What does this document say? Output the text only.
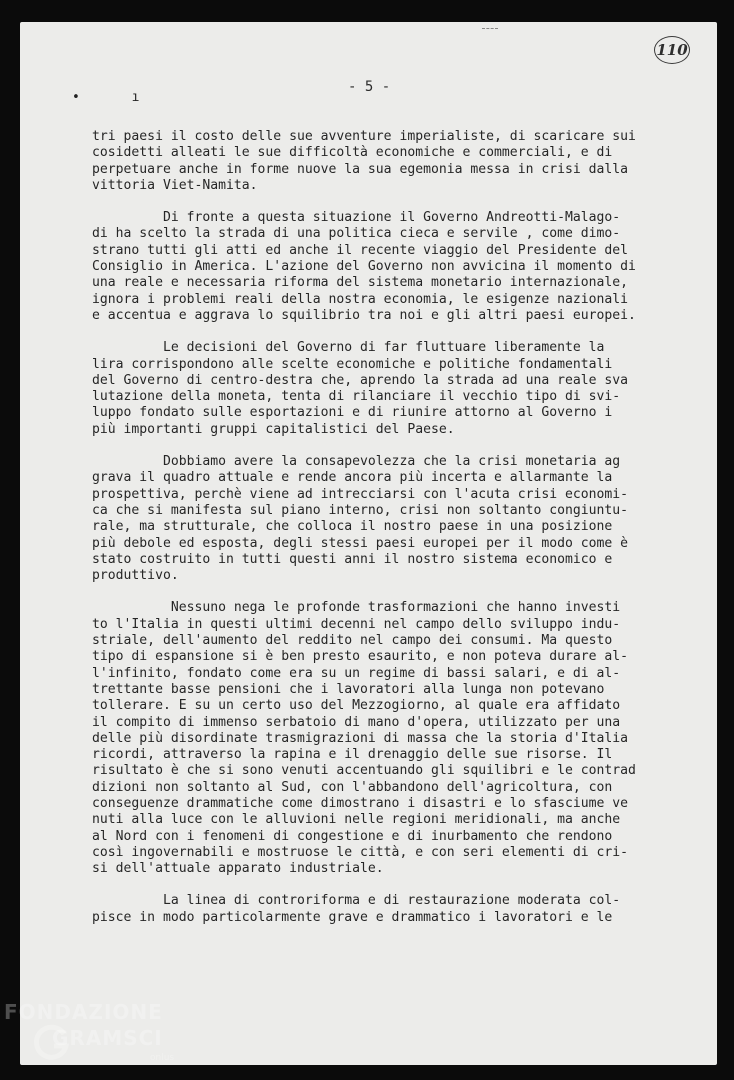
110
• ı
- 5 -

tri paesi il costo delle sue avventure imperialiste, di scaricare sui
cosidetti alleati le sue difficoltà economiche e commerciali, e di
perpetuare anche in forme nuove la sua egemonia messa in crisi dalla
vittoria Viet-Namita.

Di fronte a questa situazione il Governo Andreotti-Malago-
di ha scelto la strada di una politica cieca e servile , come dimo-
strano tutti gli atti ed anche il recente viaggio del Presidente del
Consiglio in America. L'azione del Governo non avvicina il momento di
una reale e necessaria riforma del sistema monetario internazionale,
ignora i problemi reali della nostra economia, le esigenze nazionali
e accentua e aggrava lo squilibrio tra noi e gli altri paesi europei.

Le decisioni del Governo di far fluttuare liberamente la
lira corrispondono alle scelte economiche e politiche fondamentali
del Governo di centro-destra che, aprendo la strada ad una reale sva
lutazione della moneta, tenta di rilanciare il vecchio tipo di svi-
luppo fondato sulle esportazioni e di riunire attorno al Governo i
più importanti gruppi capitalistici del Paese.

Dobbiamo avere la consapevolezza che la crisi monetaria ag
grava il quadro attuale e rende ancora più incerta e allarmante la
prospettiva, perchè viene ad intrecciarsi con l'acuta crisi economi-
ca che si manifesta sul piano interno, crisi non soltanto congiuntu-
rale, ma strutturale, che colloca il nostro paese in una posizione
più debole ed esposta, degli stessi paesi europei per il modo come è
stato costruito in tutti questi anni il nostro sistema economico e
produttivo.

Nessuno nega le profonde trasformazioni che hanno investi
to l'Italia in questi ultimi decenni nel campo dello sviluppo indu-
striale, dell'aumento del reddito nel campo dei consumi. Ma questo
tipo di espansione si è ben presto esaurito, e non poteva durare al-
l'infinito, fondato come era su un regime di bassi salari, e di al-
trettante basse pensioni che i lavoratori alla lunga non potevano
tollerare. E su un certo uso del Mezzogiorno, al quale era affidato
il compito di immenso serbatoio di mano d'opera, utilizzato per una
delle più disordinate trasmigrazioni di massa che la storia d'Italia
ricordi, attraverso la rapina e il drenaggio delle sue risorse. Il
risultato è che si sono venuti accentuando gli squilibri e le contrad
dizioni non soltanto al Sud, con l'abbandono dell'agricoltura, con
conseguenze drammatiche come dimostrano i disastri e lo sfasciume ve
nuti alla luce con le alluvioni nelle regioni meridionali, ma anche
al Nord con i fenomeni di congestione e di inurbamento che rendono
così ingovernabili e mostruose le città, e con seri elementi di cri-
si dell'attuale apparato industriale.

La linea di controriforma e di restaurazione moderata col-
pisce in modo particolarmente grave e drammatico i lavoratori e le

FONDAZIONE
GRAMSCI
onlus
